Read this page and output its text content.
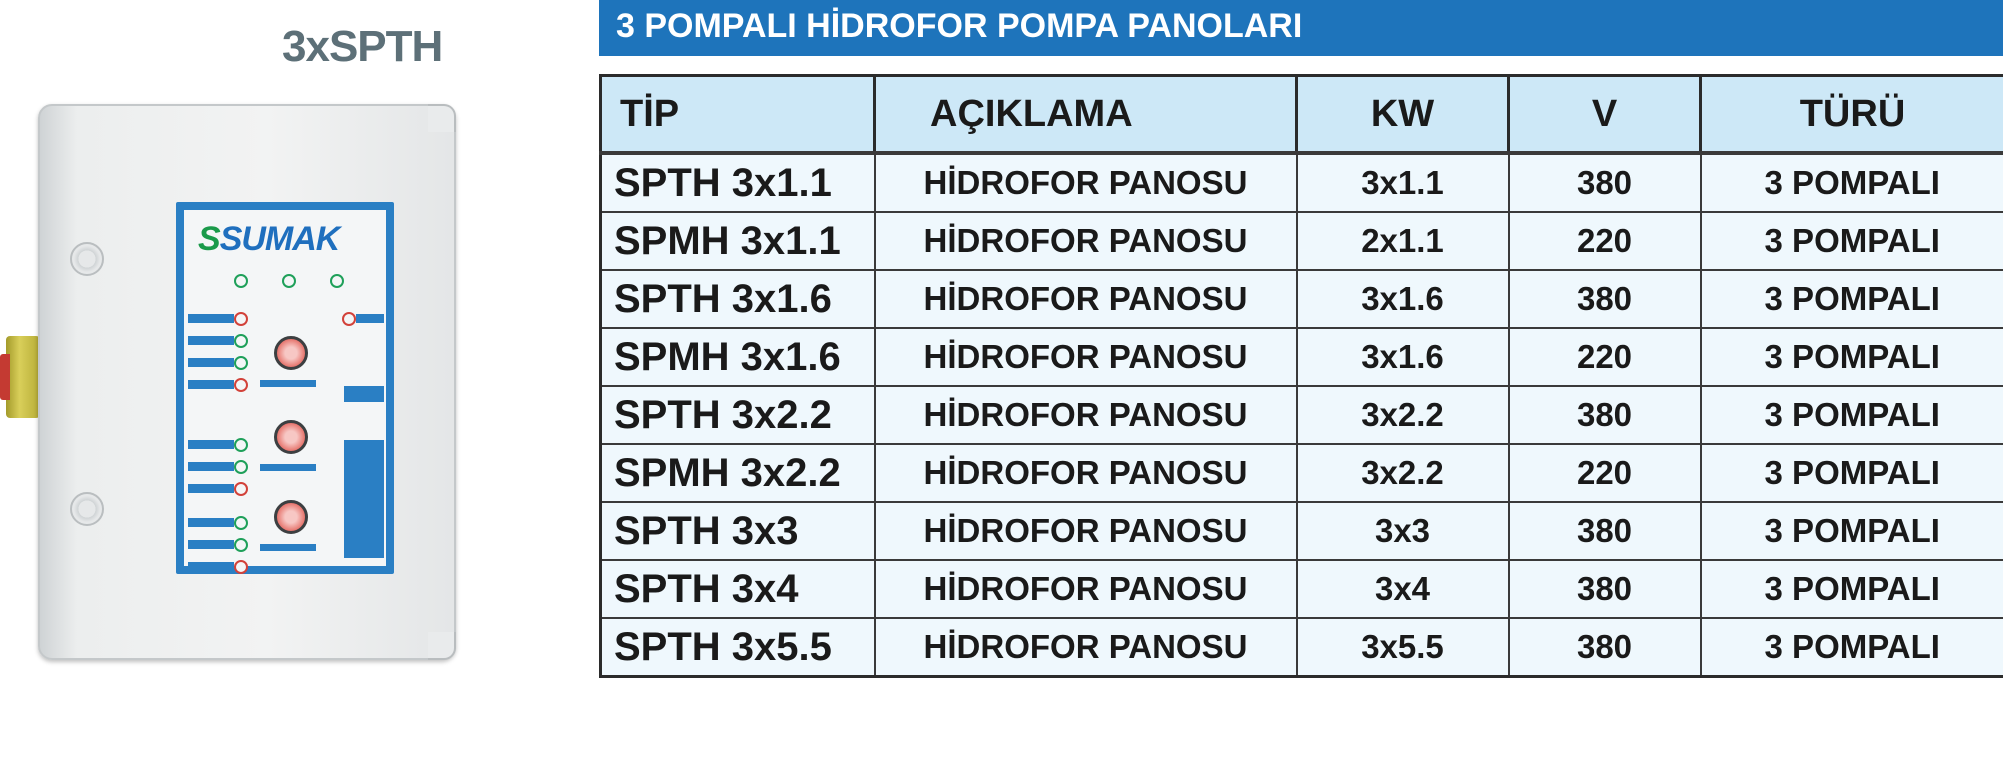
3xSPTH
SSUMAK
3 POMPALI HİDROFOR POMPA PANOLARI
TİP	AÇIKLAMA	KW	V	TÜRÜ
SPTH 3x1.1	HİDROFOR PANOSU	3x1.1	380	3 POMPALI
SPMH 3x1.1	HİDROFOR PANOSU	2x1.1	220	3 POMPALI
SPTH 3x1.6	HİDROFOR PANOSU	3x1.6	380	3 POMPALI
SPMH 3x1.6	HİDROFOR PANOSU	3x1.6	220	3 POMPALI
SPTH 3x2.2	HİDROFOR PANOSU	3x2.2	380	3 POMPALI
SPMH 3x2.2	HİDROFOR PANOSU	3x2.2	220	3 POMPALI
SPTH 3x3	HİDROFOR PANOSU	3x3	380	3 POMPALI
SPTH 3x4	HİDROFOR PANOSU	3x4	380	3 POMPALI
SPTH 3x5.5	HİDROFOR PANOSU	3x5.5	380	3 POMPALI
